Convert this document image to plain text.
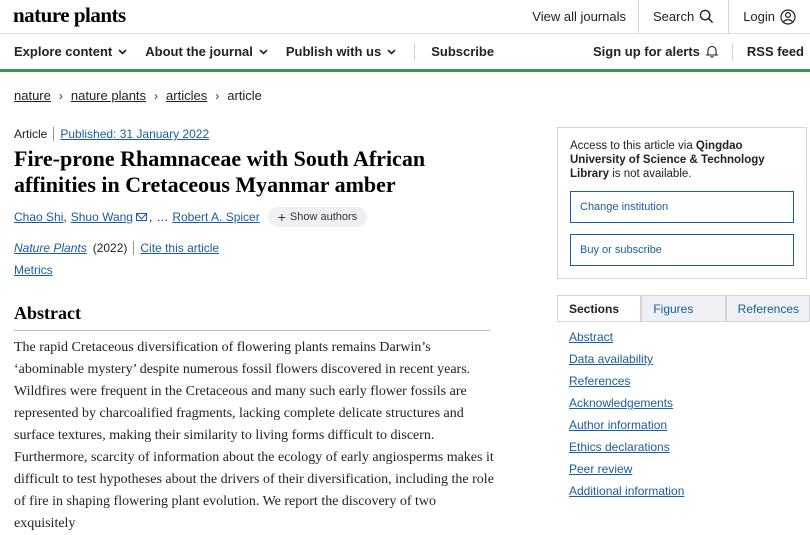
nature plants	View all journals	Search	Login
Explore content	About the journal	Publish with us	Subscribe	Sign up for alerts	RSS feed
nature › nature plants › articles › article
Article Published: 31 January 2022
Fire-prone Rhamnaceae with South African affinities in Cretaceous Myanmar amber
Chao Shi , Shuo Wang , … Robert A. Spicer + Show authors
Nature Plants (2022) Cite this article
Metrics
Abstract

The rapid Cretaceous diversification of flowering plants remains Darwin’s ‘abominable mystery’ despite numerous fossil flowers discovered in recent years. Wildfires were frequent in the Cretaceous and many such early flower fossils are represented by charcoalified fragments, lacking complete delicate structures and surface textures, making their similarity to living forms difficult to discern. Furthermore, scarcity of information about the ecology of early angiosperms makes it difficult to test hypotheses about the drivers of their diversification, including the role of fire in shaping flowering plant evolution. We report the discovery of two exquisitely

Access to this article via Qingdao University of Science & Technology Library is not available.
Change institution
Buy or subscribe
Sections	Figures	References
Abstract
Data availability
References
Acknowledgements
Author information
Ethics declarations
Peer review
Additional information
